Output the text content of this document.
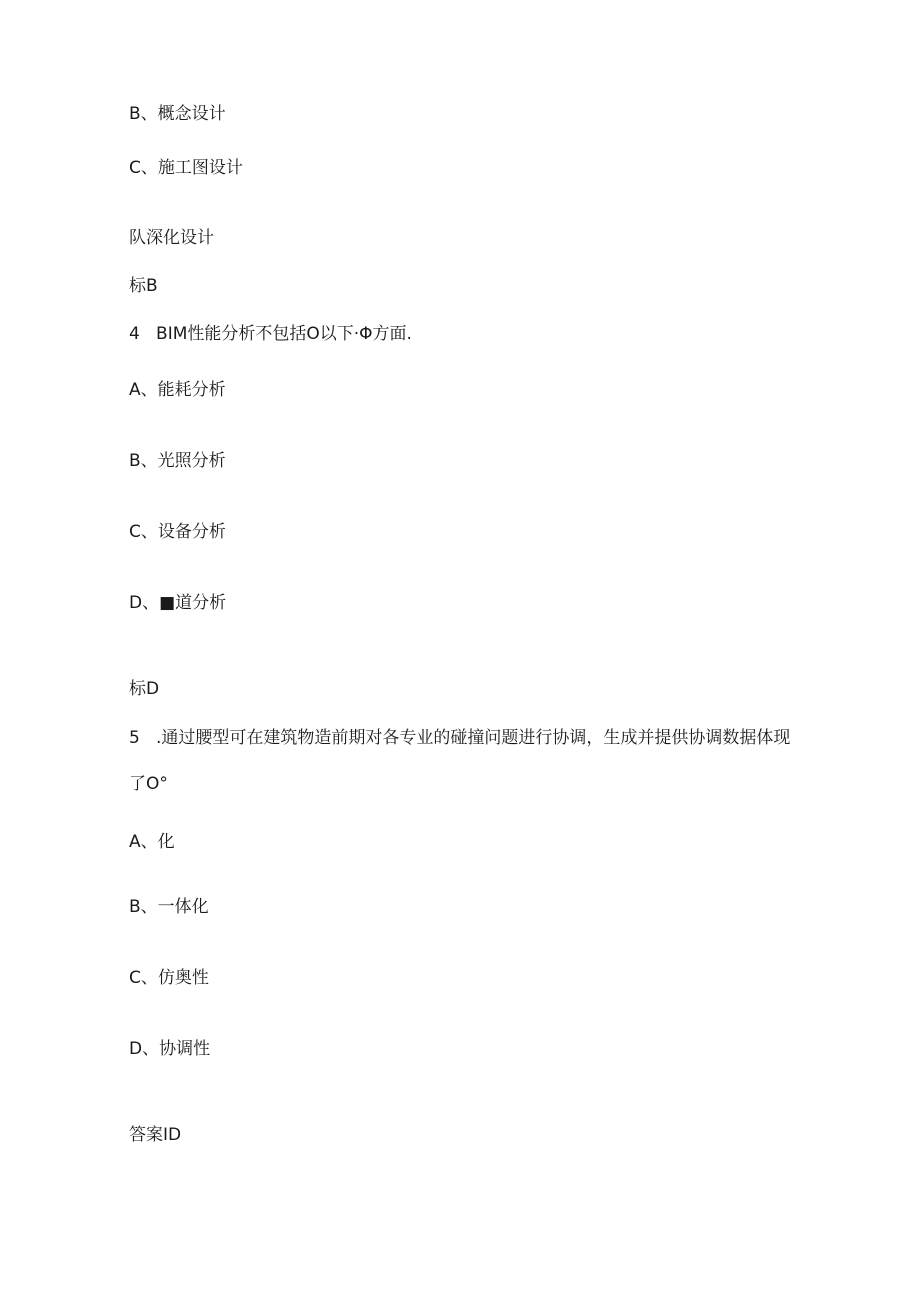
B、概念设计
C、施工图设计
队深化设计
标B
4   BIM性能分析不包括O以下·Φ方面.
A、能耗分析
B、光照分析
C、设备分析
D、■道分析
标D
5   .通过腰型可在建筑物造前期对各专业的碰撞问题进行协调，生成并提供协调数据体现
了O°
A、化
B、一体化
C、仿奥性
D、协调性
答案ID
